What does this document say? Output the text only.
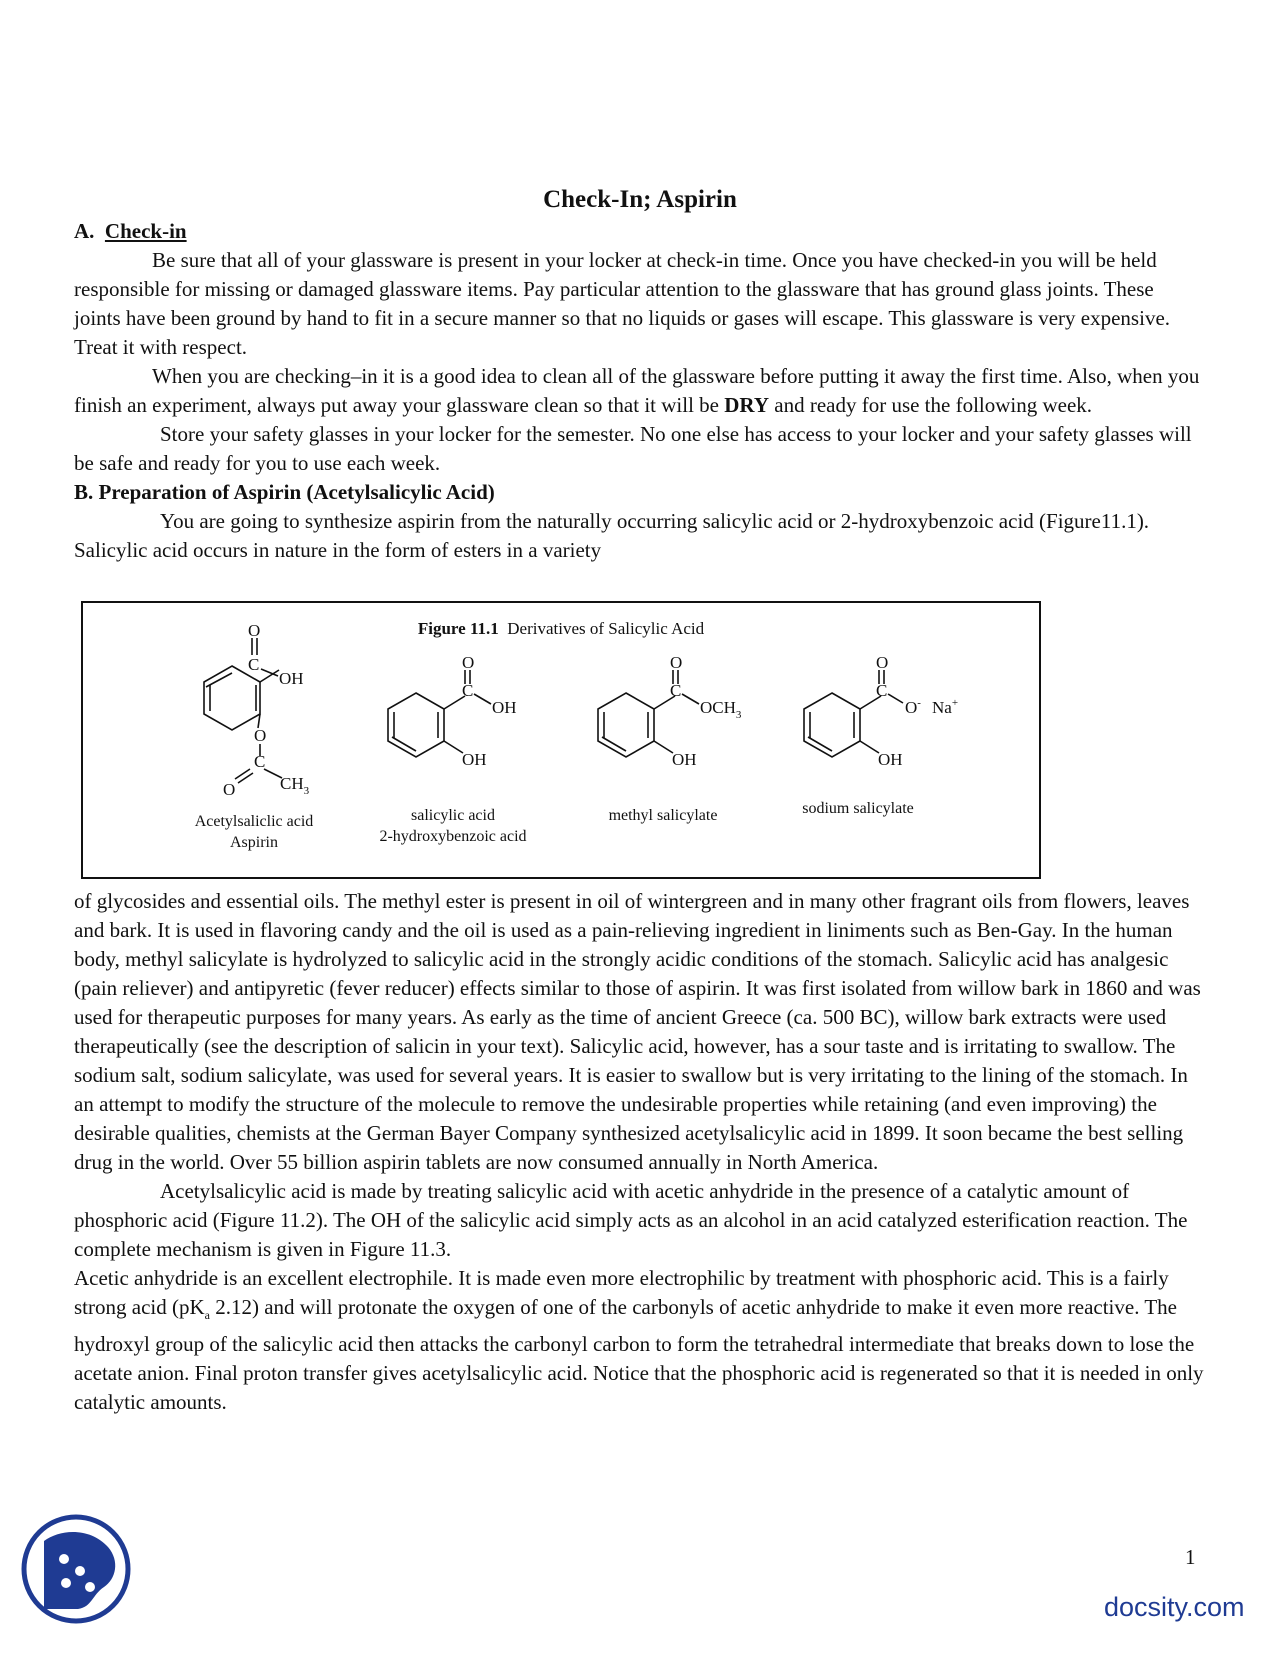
Check-In; Aspirin

A. Check-in

Be sure that all of your glassware is present in your locker at check-in time. Once you have checked-in you will be held responsible for missing or damaged glassware items. Pay particular attention to the glassware that has ground glass joints. These joints have been ground by hand to fit in a secure manner so that no liquids or gases will escape. This glassware is very expensive. Treat it with respect.

When you are checking–in it is a good idea to clean all of the glassware before putting it away the first time. Also, when you finish an experiment, always put away your glassware clean so that it will be DRY and ready for use the following week.

Store your safety glasses in your locker for the semester. No one else has access to your locker and your safety glasses will be safe and ready for you to use each week.

B. Preparation of Aspirin (Acetylsalicylic Acid)

You are going to synthesize aspirin from the naturally occurring salicylic acid or 2-hydroxybenzoic acid (Figure11.1). Salicylic acid occurs in nature in the form of esters in a variety

Figure 11.1 Derivatives of Salicylic Acid
O
C
OH
O
C
O	$CH_3$
O
C
OH
OH
O
C
$OCH_3$
OH
O
C
O- Na+
OH
Acetylsaliclic acid
Aspirin
salicylic acid
2-hydroxybenzoic acid
methyl salicylate	sodium salicylate

of glycosides and essential oils. The methyl ester is present in oil of wintergreen and in many other fragrant oils from flowers, leaves and bark. It is used in flavoring candy and the oil is used as a pain-relieving ingredient in liniments such as Ben-Gay. In the human body, methyl salicylate is hydrolyzed to salicylic acid in the strongly acidic conditions of the stomach. Salicylic acid has analgesic (pain reliever) and antipyretic (fever reducer) effects similar to those of aspirin. It was first isolated from willow bark in 1860 and was used for therapeutic purposes for many years. As early as the time of ancient Greece (ca. 500 BC), willow bark extracts were used therapeutically (see the description of salicin in your text). Salicylic acid, however, has a sour taste and is irritating to swallow. The sodium salt, sodium salicylate, was used for several years. It is easier to swallow but is very irritating to the lining of the stomach. In an attempt to modify the structure of the molecule to remove the undesirable properties while retaining (and even improving) the desirable qualities, chemists at the German Bayer Company synthesized acetylsalicylic acid in 1899. It soon became the best selling drug in the world. Over 55 billion aspirin tablets are now consumed annually in North America.

Acetylsalicylic acid is made by treating salicylic acid with acetic anhydride in the presence of a catalytic amount of phosphoric acid (Figure 11.2). The OH of the salicylic acid simply acts as an alcohol in an acid catalyzed esterification reaction. The complete mechanism is given in Figure 11.3.

Acetic anhydride is an excellent electrophile. It is made even more electrophilic by treatment with phosphoric acid. This is a fairly strong acid ($pK_a$ 2.12) and will protonate the oxygen of one of the carbonyls of acetic anhydride to make it even more reactive. The hydroxyl group of the salicylic acid then attacks the carbonyl carbon to form the tetrahedral intermediate that breaks down to lose the acetate anion. Final proton transfer gives acetylsalicylic acid. Notice that the phosphoric acid is regenerated so that it is needed in only catalytic amounts.

1
docsity.com
